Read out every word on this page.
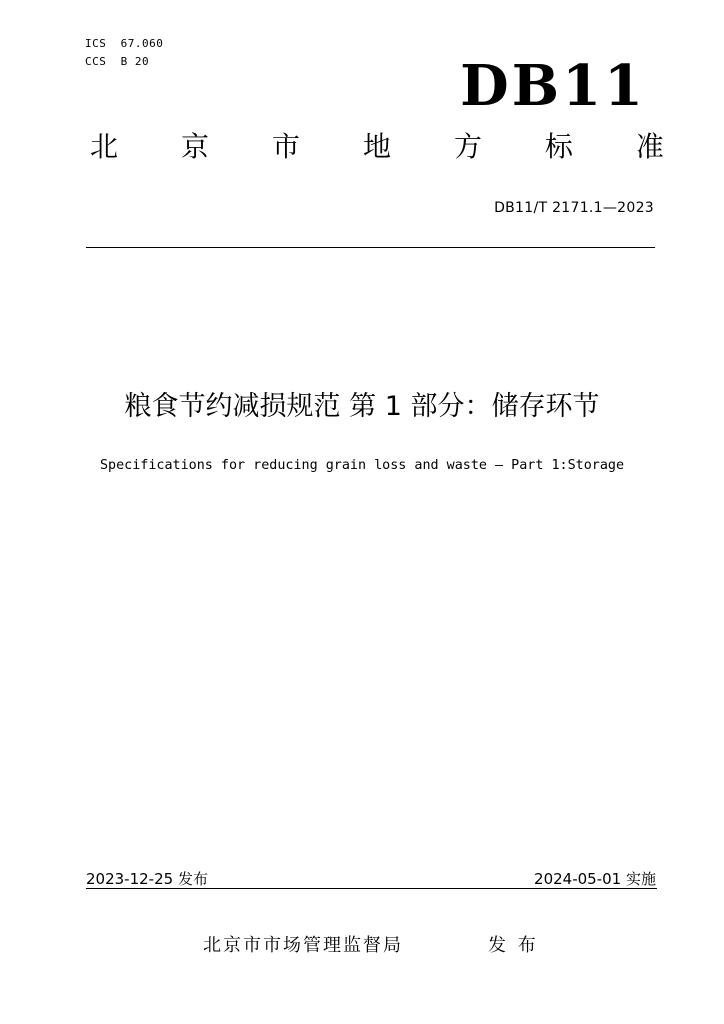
ICS  67.060
CCS  B 20	DB11
北 京 市 地 方 标 准
DB11/T 2171.1—2023
粮食节约减损规范 第 1 部分：储存环节
Specifications for reducing grain loss and waste — Part 1:Storage
2023-12-25 发布	2024-05-01 实施
北京市市场管理监督局	发 布
